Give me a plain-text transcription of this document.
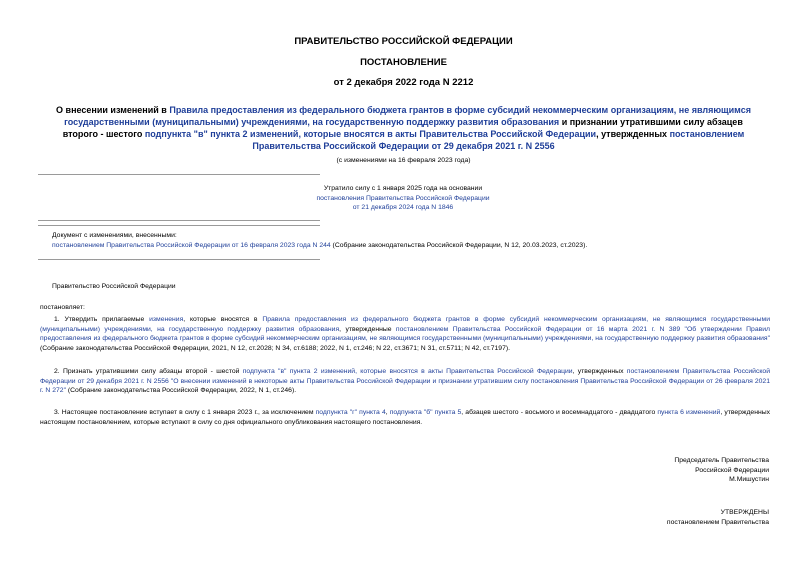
ПРАВИТЕЛЬСТВО РОССИЙСКОЙ ФЕДЕРАЦИИ
ПОСТАНОВЛЕНИЕ
от 2 декабря 2022 года N 2212
О внесении изменений в Правила предоставления из федерального бюджета грантов в форме субсидий некоммерческим организациям, не являющимся государственными (муниципальными) учреждениями, на государственную поддержку развития образования и признании утратившими силу абзацев второго - шестого подпункта "в" пункта 2 изменений, которые вносятся в акты Правительства Российской Федерации, утвержденных постановлением Правительства Российской Федерации от 29 декабря 2021 г. N 2556
(с изменениями на 16 февраля 2023 года)
Утратило силу с 1 января 2025 года на основании
постановления Правительства Российской Федерации
от 21 декабря 2024 года N 1846
Документ с изменениями, внесенными:
постановлением Правительства Российской Федерации от 16 февраля 2023 года N 244 (Собрание законодательства Российской Федерации, N 12, 20.03.2023, ст.2023).
Правительство Российской Федерации
постановляет:
1. Утвердить прилагаемые изменения, которые вносятся в Правила предоставления из федерального бюджета грантов в форме субсидий некоммерческим организациям, не являющимся государственными (муниципальными) учреждениями, на государственную поддержку развития образования, утвержденные постановлением Правительства Российской Федерации от 16 марта 2021 г. N 389 "Об утверждении Правил предоставления из федерального бюджета грантов в форме субсидий некоммерческим организациям, не являющимся государственными (муниципальными) учреждениями, на государственную поддержку развития образования" (Собрание законодательства Российской Федерации, 2021, N 12, ст.2028; N 34, ст.6188; 2022, N 1, ст.246; N 22, ст.3671; N 31, ст.5711; N 42, ст.7197).
2. Признать утратившими силу абзацы второй - шестой подпункта "в" пункта 2 изменений, которые вносятся в акты Правительства Российской Федерации, утвержденных постановлением Правительства Российской Федерации от 29 декабря 2021 г. N 2556 "О внесении изменений в некоторые акты Правительства Российской Федерации и признании утратившим силу постановления Правительства Российской Федерации от 26 февраля 2021 г. N 272" (Собрание законодательства Российской Федерации, 2022, N 1, ст.246).
3. Настоящее постановление вступает в силу с 1 января 2023 г., за исключением подпункта "г" пункта 4, подпункта "б" пункта 5, абзацев шестого - восьмого и восемнадцатого - двадцатого пункта 6 изменений, утвержденных настоящим постановлением, которые вступают в силу со дня официального опубликования настоящего постановления.
Председатель Правительства
Российской Федерации
М.Мишустин
УТВЕРЖДЕНЫ
постановлением Правительства
